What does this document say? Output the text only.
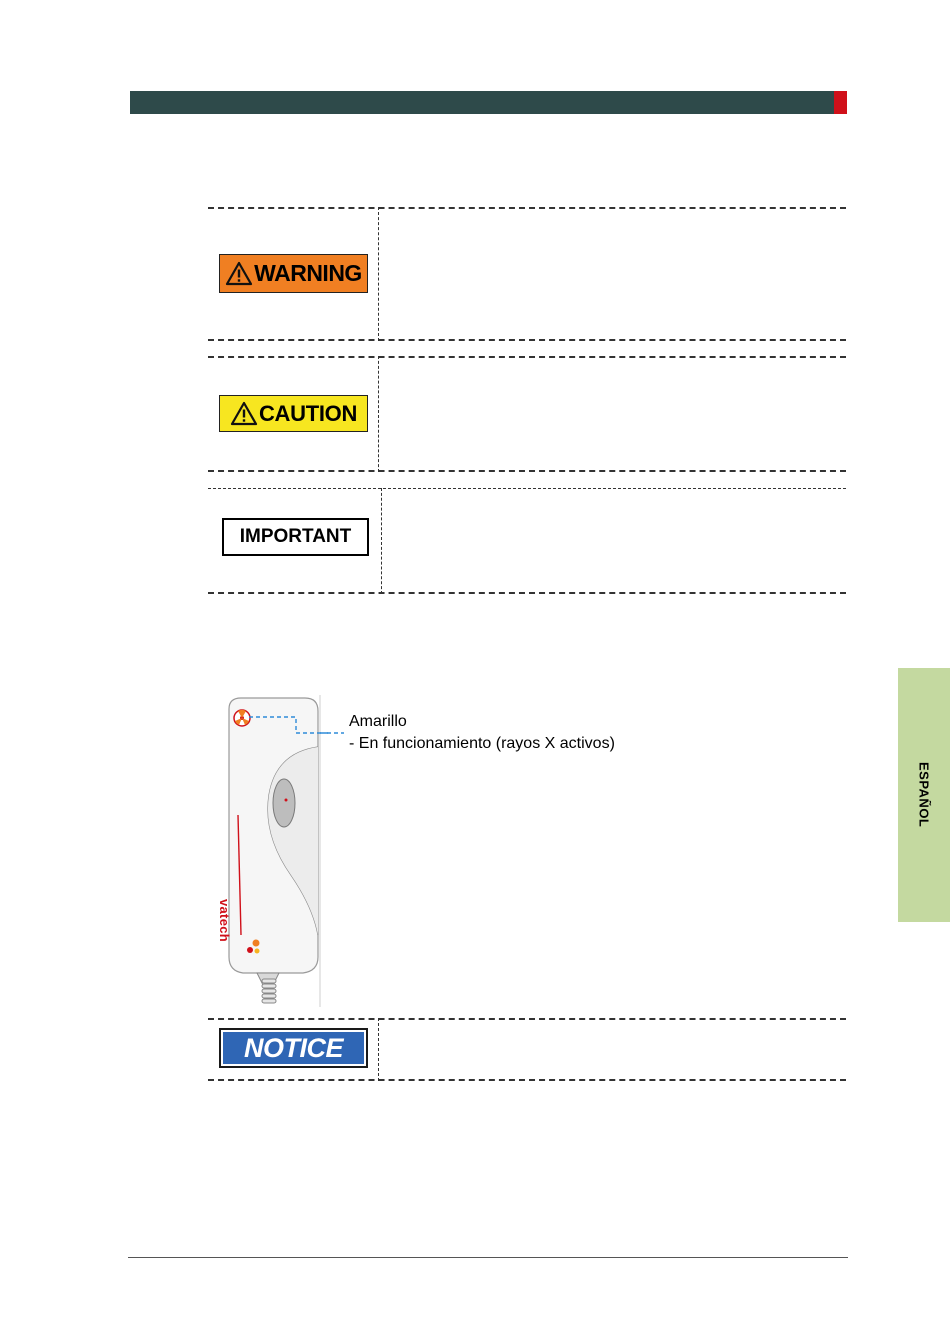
WARNING
CAUTION
IMPORTANT
vatech
Amarillo
- En funcionamiento (rayos X activos)
NOTICE
ESPAÑOL
